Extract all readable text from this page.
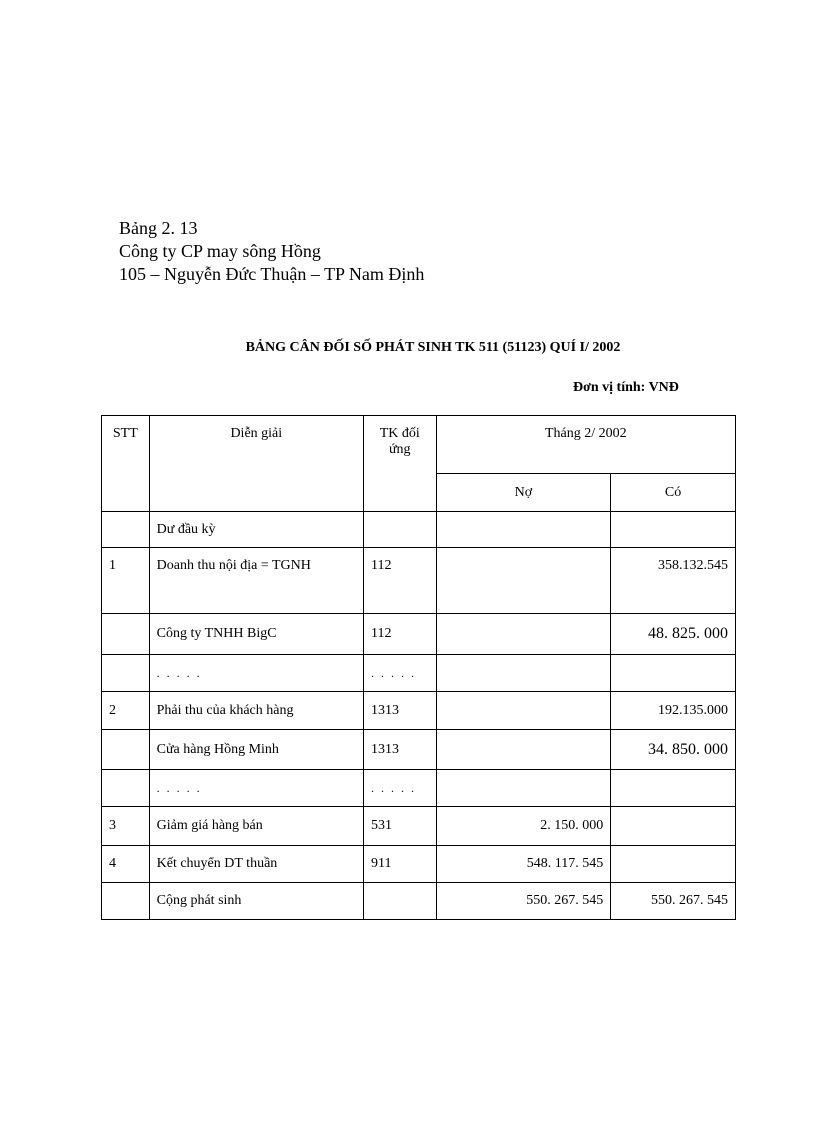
Bảng 2. 13
Công ty CP may sông Hồng
105 – Nguyễn Đức Thuận – TP Nam Định
BẢNG CÂN ĐỐI SỐ PHÁT SINH TK 511 (51123) QUÍ I/ 2002
Đơn vị tính: VNĐ
STT	Diễn giải	TK đối ứng	Tháng 2/ 2002	
			Nợ	Có
	Dư đầu kỳ			
1	Doanh thu nội địa = TGNH	112		358.132.545
	Công ty TNHH BigC	112		48. 825. 000
	. . . . .	. . . . .		
2	Phải thu của khách hàng	1313		192.135.000
	Cửa hàng Hồng Minh	1313		34. 850. 000
	. . . . .	. . . . .		
3	Giảm giá hàng bán	531	2. 150. 000	
4	Kết chuyển DT thuần	911	548. 117. 545	
	Cộng phát sinh		550. 267. 545	550. 267. 545
